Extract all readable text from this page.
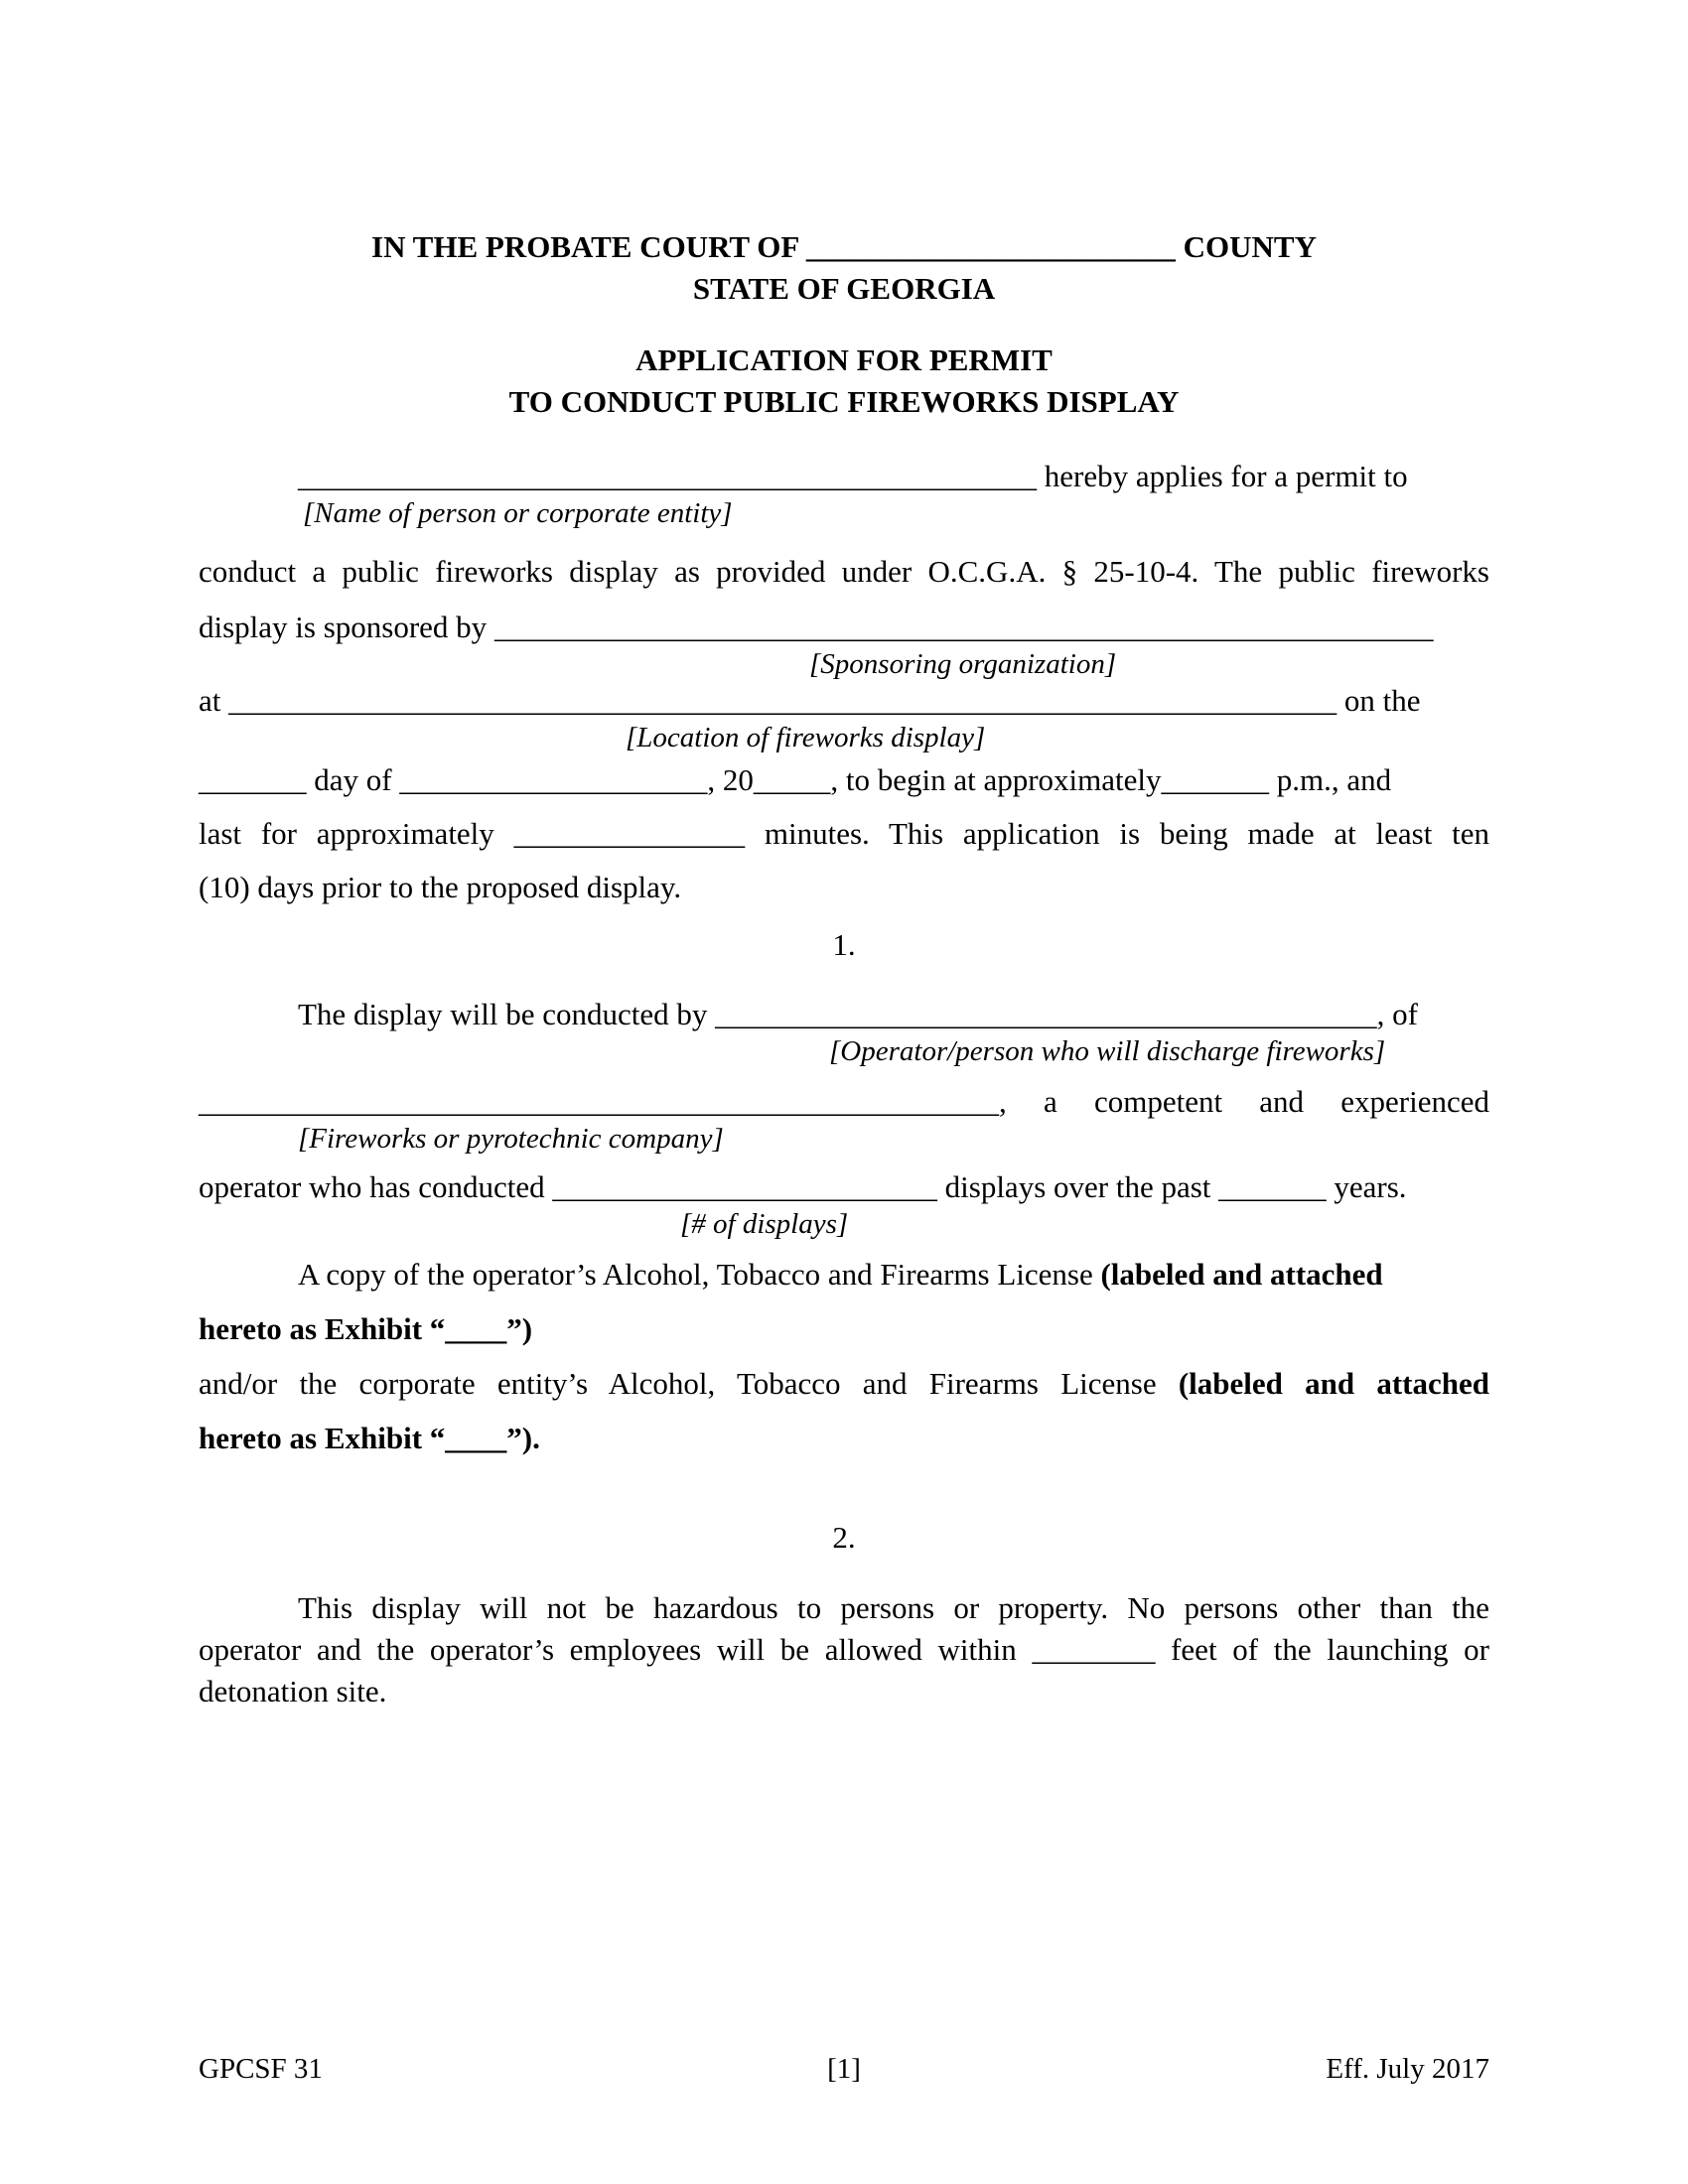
IN THE PROBATE COURT OF ________________________ COUNTY
STATE OF GEORGIA
APPLICATION FOR PERMIT
TO CONDUCT PUBLIC FIREWORKS DISPLAY
________________________________________________ hereby applies for a permit to
[Name of person or corporate entity]
conduct a public fireworks display as provided under O.C.G.A. § 25-10-4. The public fireworks
display is sponsored by _____________________________________________________________
[Sponsoring organization]
at ________________________________________________________________________ on the
[Location of fireworks display]
_______ day of ____________________, 20_____, to begin at approximately_______ p.m., and
last for approximately _______________ minutes. This application is being made at least ten
(10) days prior to the proposed display.
1.
The display will be conducted by ___________________________________________, of
[Operator/person who will discharge fireworks]
____________________________________________________, a competent and experienced
[Fireworks or pyrotechnic company]
operator who has conducted _________________________ displays over the past _______ years.
[# of displays]
A copy of the operator’s Alcohol, Tobacco and Firearms License (labeled and attached
hereto as Exhibit “____”)
and/or the corporate entity’s Alcohol, Tobacco and Firearms License (labeled and attached
hereto as Exhibit “____”).
2.
This display will not be hazardous to persons or property. No persons other than the
operator and the operator’s employees will be allowed within ________ feet of the launching or
detonation site.
GPCSF 31	[1]	Eff. July 2017
